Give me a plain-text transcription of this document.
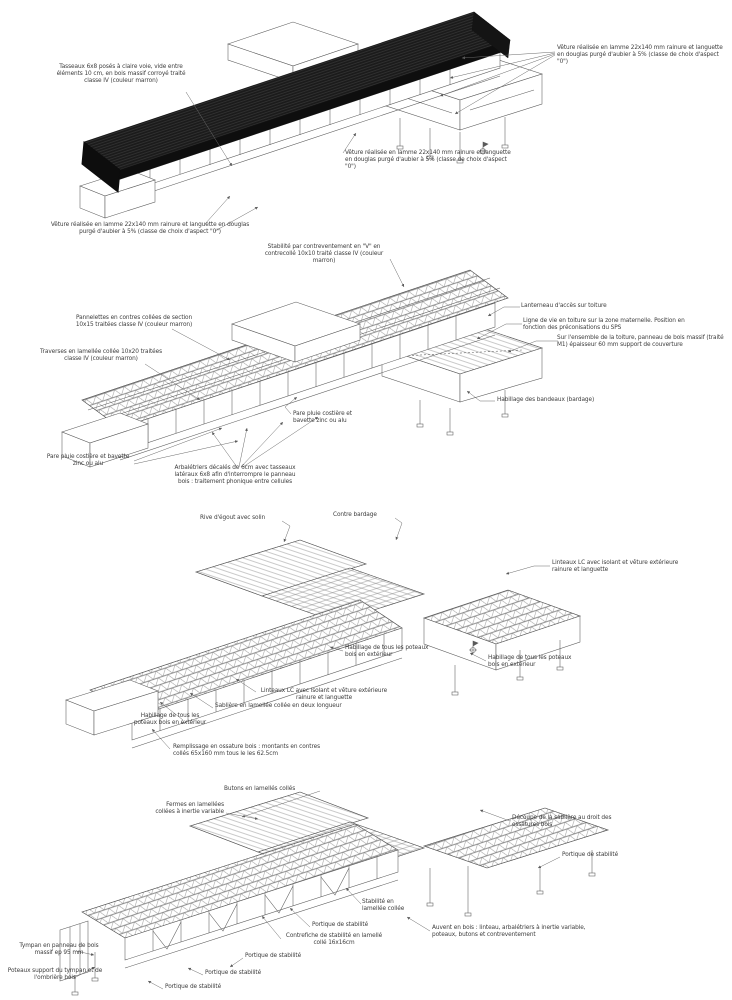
Tasseaux 6x8 posés à claire voie, vide entre éléments 10 cm, en bois massif corroyé traité classe IV (couleur marron)
Vêture réalisée en lamme 22x140 mm rainure et languette en douglas purgé d'aubier à 5% (classe de choix d'aspect "0")
Vêture réalisée en lamme 22x140 mm rainure et languette en douglas purgé d'aubier à 5% (classe de choix d'aspect "0")
Vêture réalisée en lamme 22x140 mm rainure et languette en douglas purgé d'aubier à 5% (classe de choix d'aspect "0")
Stabilité par contreventement en "V" en contrecollé 10x10 traité classe IV (couleur marron)
Pannelettes en contres collées de section 10x15 traitées classe IV (couleur marron)
Traverses en lamellée collée 10x20 traitées classe IV (couleur marron)
Lanterneau d'accès sur toiture
Ligne de vie en toiture sur la zone maternelle. Position en fonction des préconisations du SPS
Sur l'ensemble de la toiture, panneau de bois massif (traité M1) épaisseur 60 mm support de couverture
Habillage des bandeaux (bardage)
Pare pluie costière et bavette zinc ou alu
Pare pluie costière et bavette zinc ou alu
Arbalétriers décalés de 6cm avec tasseaux latéraux 6x8 afin d'interrompre le panneau bois : traitement phonique entre cellules
Rive d'égout avec solin	Contre bardage
Linteaux LC avec isolant et vêture extérieure rainure et languette
Habillage de tous les poteaux bois en extérieur	Habillage de tous les poteaux bois en extérieur
Linteaux LC avec isolant et vêture extérieure rainure et languette
Sablière en lamellée collée en deux longueur
Habillage de tous les poteaux bois en extérieur
Remplissage en ossature bois : montants en contres collés 65x160 mm tous le les 62.5cm
Butons en lamellés collés
Fermes en lamellées collées à inertie variable
Découpe de la sablière au droit des ossatures bois
Portique de stabilité
Stabilité en lamellée collée
Portique de stabilité
Contrefiche de stabilité en lamellé collé 16x16cm
Auvent en bois : linteau, arbalétriers à inertie variable, poteaux, butons et contreventement
Tympan en panneau de bois massif ep 95 mm
Poteaux support du tympan et de l'ombrière bois
Portique de stabilité
Portique de stabilité
Portique de stabilité
